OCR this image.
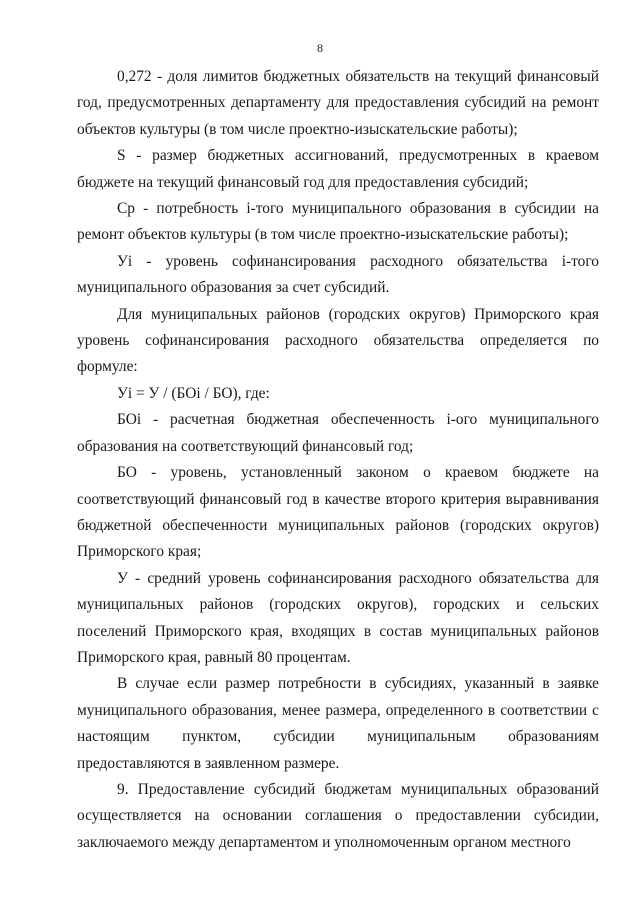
8

0,272 - доля лимитов бюджетных обязательств на текущий финансовый год, предусмотренных департаменту для предоставления субсидий на ремонт объектов культуры (в том числе проектно-изыскательские работы);

S - размер бюджетных ассигнований, предусмотренных в краевом бюджете на текущий финансовый год для предоставления субсидий;

Ср - потребность i-того муниципального образования в субсидии на ремонт объектов культуры (в том числе проектно-изыскательские работы);

Уi - уровень софинансирования расходного обязательства i-того муниципального образования за счет субсидий.

Для муниципальных районов (городских округов) Приморского края уровень софинансирования расходного обязательства определяется по формуле:

Уi = У / (БОi / БО), где:

БОi - расчетная бюджетная обеспеченность i-ого муниципального образования на соответствующий финансовый год;

БО - уровень, установленный законом о краевом бюджете на соответствующий финансовый год в качестве второго критерия выравнивания бюджетной обеспеченности муниципальных районов (городских округов) Приморского края;

У - средний уровень софинансирования расходного обязательства для муниципальных районов (городских округов), городских и сельских поселений Приморского края, входящих в состав муниципальных районов Приморского края, равный 80 процентам.

В случае если размер потребности в субсидиях, указанный в заявке муниципального образования, менее размера, определенного в соответствии с настоящим пунктом, субсидии муниципальным образованиям предоставляются в заявленном размере.

9. Предоставление субсидий бюджетам муниципальных образований осуществляется на основании соглашения о предоставлении субсидии, заключаемого между департаментом и уполномоченным органом местного
